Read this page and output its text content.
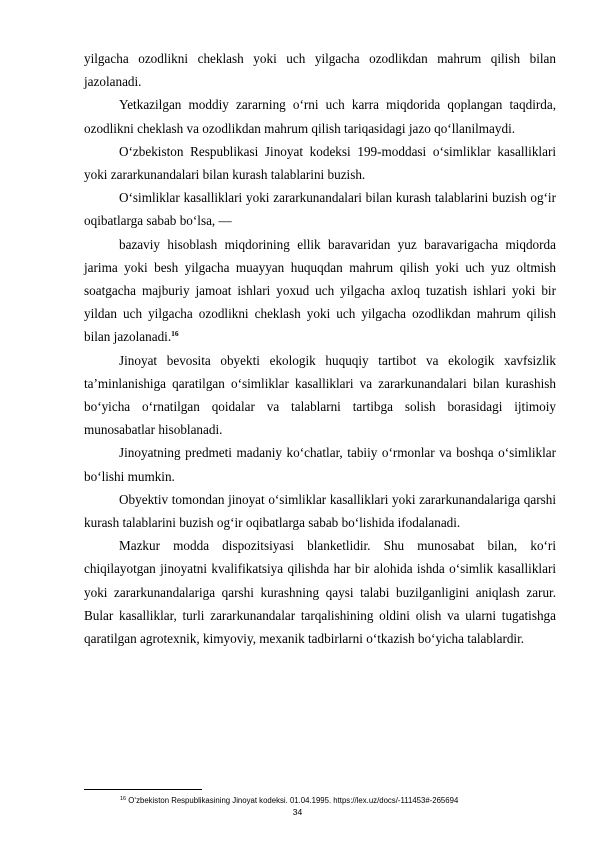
yilgacha ozodlikni cheklash yoki uch yilgacha ozodlikdan mahrum qilish bilan jazolanadi.

Yetkazilgan moddiy zararning o‘rni uch karra miqdorida qoplangan taqdirda, ozodlikni cheklash va ozodlikdan mahrum qilish tariqasidagi jazo qo‘llanilmaydi.

O‘zbekiston Respublikasi Jinoyat kodeksi 199-moddasi o‘simliklar kasalliklari yoki zararkunandalari bilan kurash talablarini buzish.

O‘simliklar kasalliklari yoki zararkunandalari bilan kurash talablarini buzish og‘ir oqibatlarga sabab bo‘lsa, —

bazaviy hisoblash miqdorining ellik baravaridan yuz baravarigacha miqdorda jarima yoki besh yilgacha muayyan huquqdan mahrum qilish yoki uch yuz oltmish soatgacha majburiy jamoat ishlari yoxud uch yilgacha axloq tuzatish ishlari yoki bir yildan uch yilgacha ozodlikni cheklash yoki uch yilgacha ozodlikdan mahrum qilish bilan jazolanadi.$^{16}$

Jinoyat bevosita obyekti ekologik huquqiy tartibot va ekologik xavfsizlik ta’minlanishiga qaratilgan o‘simliklar kasalliklari va zararkunandalari bilan kurashish bo‘yicha o‘rnatilgan qoidalar va talablarni tartibga solish borasidagi ijtimoiy munosabatlar hisoblanadi.

Jinoyatning predmeti madaniy ko‘chatlar, tabiiy o‘rmonlar va boshqa o‘simliklar bo‘lishi mumkin.

Obyektiv tomondan jinoyat o‘simliklar kasalliklari yoki zararkunandalariga qarshi kurash talablarini buzish og‘ir oqibatlarga sabab bo‘lishida ifodalanadi.

Mazkur modda dispozitsiyasi blanketlidir. Shu munosabat bilan, ko‘ri chiqilayotgan jinoyatni kvalifikatsiya qilishda har bir alohida ishda o‘simlik kasalliklari yoki zararkunandalariga qarshi kurashning qaysi talabi buzilganligini aniqlash zarur. Bular kasalliklar, turli zararkunandalar tarqalishining oldini olish va ularni tugatishga qaratilgan agrotexnik, kimyoviy, mexanik tadbirlarni o‘tkazish bo‘yicha talablardir.

$^{16}$ O‘zbekiston Respublikasining Jinoyat kodeksi. 01.04.1995. https://lex.uz/docs/-111453#-265694
34
